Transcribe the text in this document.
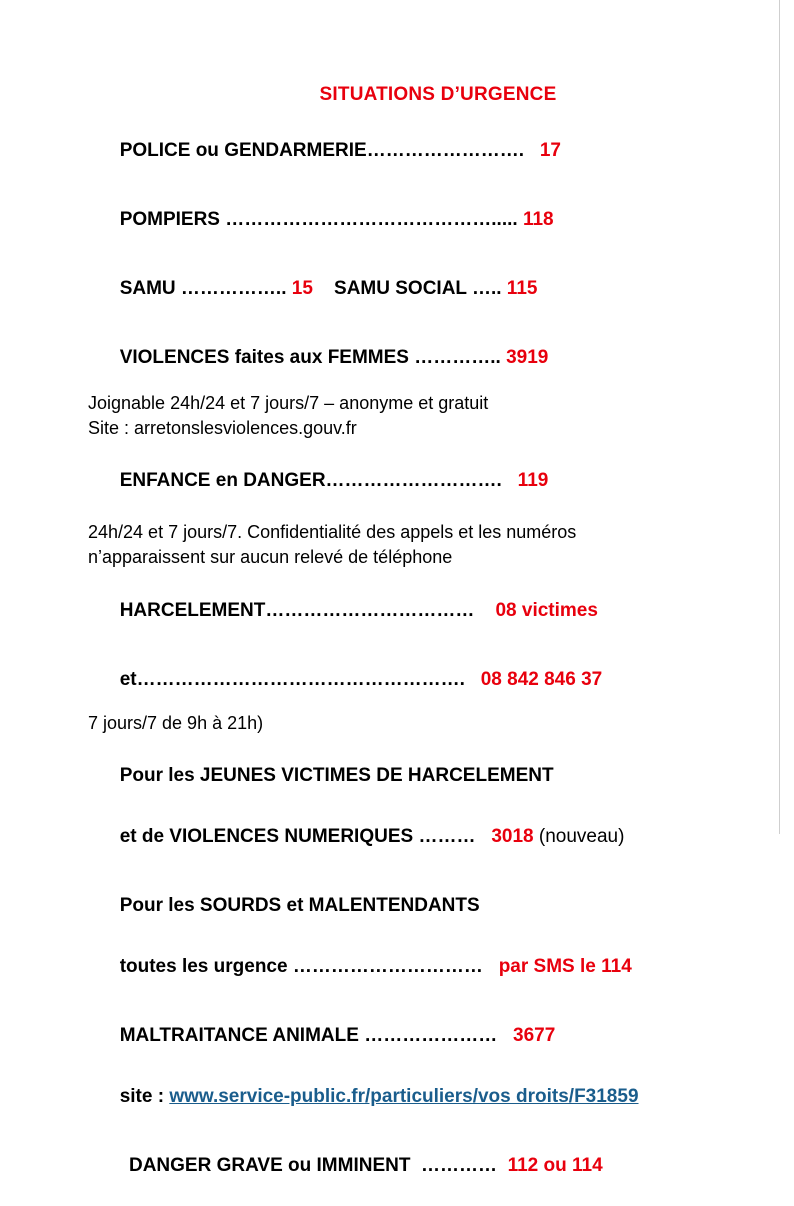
SITUATIONS D’URGENCE

POLICE ou GENDARMERIE……………………. 17

POMPIERS ……………………………………..... 118

SAMU …………….. 15 SAMU SOCIAL ….. 115

VIOLENCES faites aux FEMMES ………….. 3919

Joignable 24h/24 et 7 jours/7 – anonyme et gratuit
Site : arretonslesviolences.gouv.fr

ENFANCE en DANGER………………………. 119

24h/24 et 7 jours/7. Confidentialité des appels et les numéros
n’apparaissent sur aucun relevé de téléphone

HARCELEMENT…………………………… 08 victimes

et……………………………………………. 08 842 846 37

7 jours/7 de 9h à 21h)

Pour les JEUNES VICTIMES DE HARCELEMENT

et de VIOLENCES NUMERIQUES ……… 3018 (nouveau)

Pour les SOURDS et MALENTENDANTS

toutes les urgence ………………………… par SMS le 114

MALTRAITANCE ANIMALE ………………… 3677

site : www.service-public.fr/particuliers/vos droits/F31859

DANGER GRAVE ou IMMINENT  ………… 112 ou 114
